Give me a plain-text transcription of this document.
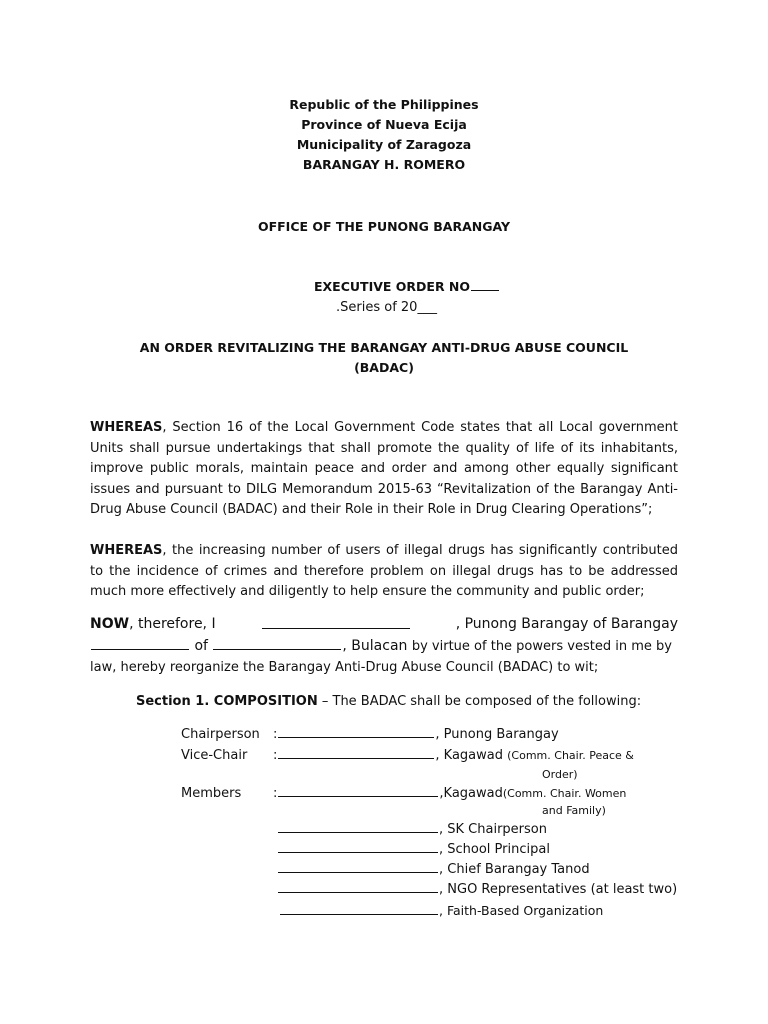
Republic of the Philippines
Province of Nueva Ecija
Municipality of Zaragoza
BARANGAY H. ROMERO
OFFICE OF THE PUNONG BARANGAY
EXECUTIVE ORDER NO
.Series of 20___
AN ORDER REVITALIZING THE BARANGAY ANTI-DRUG ABUSE COUNCIL
(BADAC)

WHEREAS, Section 16 of the Local Government Code states that all Local government Units shall pursue undertakings that shall promote the quality of life of its inhabitants, improve public morals, maintain peace and order and among other equally significant issues and pursuant to DILG Memorandum 2015-63 “Revitalization of the Barangay Anti-Drug Abuse Council (BADAC) and their Role in their Role in Drug Clearing Operations”;

WHEREAS, the increasing number of users of illegal drugs has significantly contributed to the incidence of crimes and therefore problem on illegal drugs has to be addressed much more effectively and diligently to help ensure the community and public order;

NOW, therefore, I	, Punong Barangay of Barangay
of	, Bulacan by virtue of the powers vested in me by
law, hereby reorganize the Barangay Anti-Drug Abuse Council (BADAC) to wit;
Section 1. COMPOSITION – The BADAC shall be composed of the following:
Chairperson :	, Punong Barangay
Vice-Chair :	, Kagawad (Comm. Chair. Peace &
Order)
Members :	,Kagawad(Comm. Chair. Women
and Family)
, SK Chairperson
, School Principal
, Chief Barangay Tanod
, NGO Representatives (at least two)
, Faith-Based Organization
